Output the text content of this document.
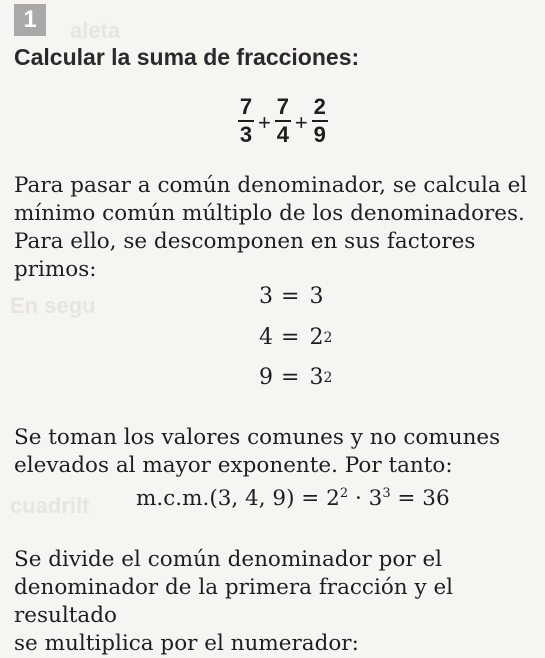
aleta
En segu
cuadrilt
1
Calcular la suma de fracciones:
$\frac{7}{3} + \frac{7}{4} + \frac{2}{9}$
Para pasar a común denominador, se calcula el
mínimo común múltiplo de los denominadores.
Para ello, se descomponen en sus factores primos:
3 = 3
$4 = 2^2$
$9 = 3^2$
Se toman los valores comunes y no comunes
elevados al mayor exponente. Por tanto:
m.c.m.(3, 4, $9) = 2^2 \cdot 3^3 = 36$
Se divide el común denominador por el
denominador de la primera fracción y el resultado
se multiplica por el numerador:
